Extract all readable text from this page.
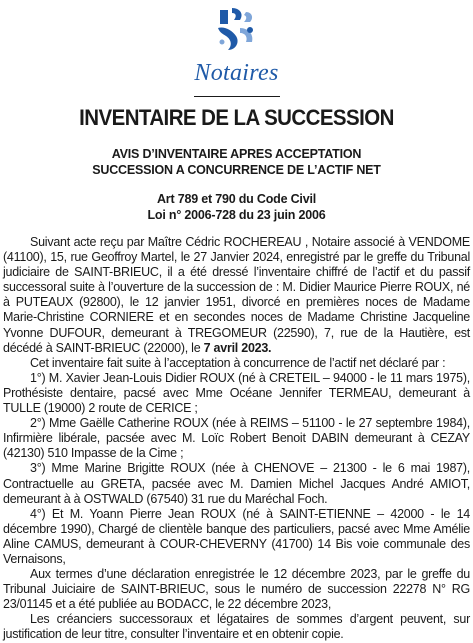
Notaires
INVENTAIRE DE LA SUCCESSION
AVIS D’INVENTAIRE APRES ACCEPTATION
SUCCESSION A CONCURRENCE DE L’ACTIF NET
Art 789 et 790 du Code Civil
Loi n° 2006-728 du 23 juin 2006

Suivant acte reçu par Maître Cédric ROCHEREAU , Notaire associé à VENDOME (41100), 15, rue Geoffroy Martel, le 27 Janvier 2024, enregistré par le greffe du Tribunal judiciaire de SAINT-BRIEUC, il a été dressé l’inventaire chiffré de l’actif et du passif successoral suite à l’ouverture de la succession de : M. Didier Maurice Pierre ROUX, né à PUTEAUX (92800), le 12 janvier 1951, divorcé en premières noces de Madame Marie-Christine CORNIERE et en secondes noces de Madame Christine Jacqueline Yvonne DUFOUR, demeurant à TREGOMEUR (22590), 7, rue de la Hautière, est décédé à SAINT-BRIEUC (22000), le 7 avril 2023.

Cet inventaire fait suite à l’acceptation à concurrence de l’actif net déclaré par :

1°) M. Xavier Jean-Louis Didier ROUX (né à CRETEIL – 94000 - le 11 mars 1975), Prothésiste dentaire, pacsé avec Mme Océane Jennifer TERMEAU, demeurant à TULLE (19000) 2 route de CERICE ;

2°) Mme Gaëlle Catherine ROUX (née à REIMS – 51100 - le 27 septembre 1984), Infirmière libérale, pacsée avec M. Loïc Robert Benoit DABIN demeurant à CEZAY (42130) 510 Impasse de la Cime ;

3°) Mme Marine Brigitte ROUX (née à CHENOVE – 21300 - le 6 mai 1987), Contractuelle au GRETA, pacsée avec M. Damien Michel Jacques André AMIOT, demeurant à à OSTWALD (67540) 31 rue du Maréchal Foch.

4°) Et M. Yoann Pierre Jean ROUX (né à SAINT-ETIENNE – 42000 - le 14 décembre 1990), Chargé de clientèle banque des particuliers, pacsé avec Mme Amélie Aline CAMUS, demeurant à COUR-CHEVERNY (41700) 14 Bis voie communale des Vernaisons,

Aux termes d’une déclaration enregistrée le 12 décembre 2023, par le greffe du Tribunal Juiciaire de SAINT-BRIEUC, sous le numéro de succession 22278 N° RG 23/01145 et a été publiée au BODACC, le 22 décembre 2023,

Les créanciers successoraux et légataires de sommes d’argent peuvent, sur justification de leur titre, consulter l’inventaire et en obtenir copie.
